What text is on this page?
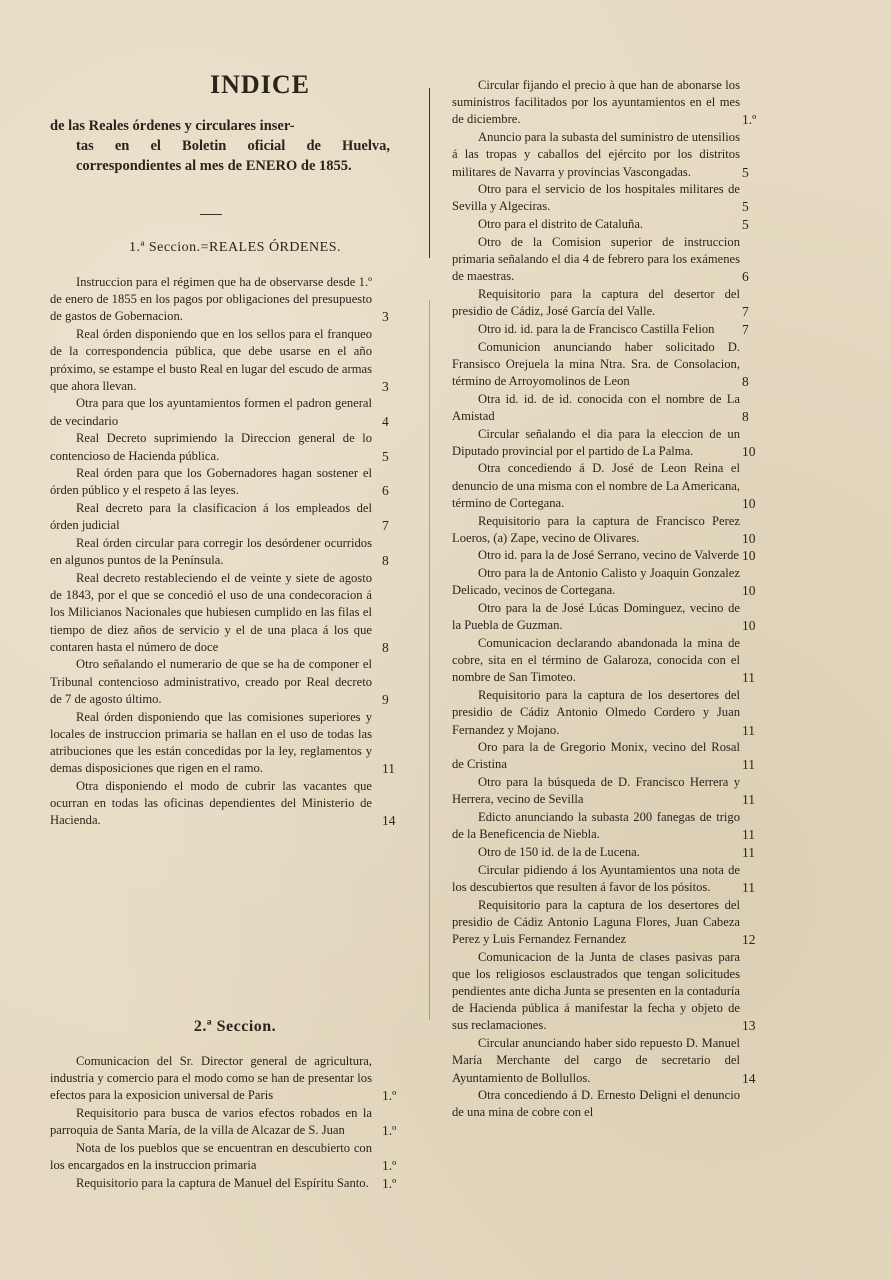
INDICE

de las Reales órdenes y circulares inser-
tas en el Boletin oficial de Huelva, correspondientes al mes de ENERO de 1855.

1.ª Seccion.=REALES ÓRDENES.

Instruccion para el régimen que ha de observarse desde 1.º de enero de 1855 en los pagos por obligaciones del presupuesto de gastos de Gobernacion.	3

Real órden disponiendo que en los sellos para el franqueo de la correspondencia pública, que debe usarse en el año próximo, se estampe el busto Real en lugar del escudo de armas que ahora llevan.	3

Otra para que los ayuntamientos formen el padron general de vecindario	4

Real Decreto suprimiendo la Direccion general de lo contencioso de Hacienda pública.	5

Real órden para que los Gobernadores hagan sostener el órden público y el respeto á las leyes.	6

Real decreto para la clasificacion á los empleados del órden judicial	7

Real órden circular para corregir los desórdener ocurridos en algunos puntos de la Península.	8

Real decreto restableciendo el de veinte y siete de agosto de 1843, por el que se concedió el uso de una condecoracion á los Milicianos Nacionales que hubiesen cumplido en las filas el tiempo de diez años de servicio y el de una placa á los que contaren hasta el número de doce	8

Otro señalando el numerario de que se ha de componer el Tribunal contencioso administrativo, creado por Real decreto de 7 de agosto último.	9

Real órden disponiendo que las comisiones superiores y locales de instruccion primaria se hallan en el uso de todas las atribuciones que les están concedidas por la ley, reglamentos y demas disposiciones que rigen en el ramo.	11

Otra disponiendo el modo de cubrir las vacantes que ocurran en todas las oficinas dependientes del Ministerio de Hacienda.	14

2.ª Seccion.

Comunicacion del Sr. Director general de agricultura, industria y comercio para el modo como se han de presentar los efectos para la exposicion universal de Paris	1.º

Requisitorio para busca de varios efectos robados en la parroquia de Santa María, de la villa de Alcazar de S. Juan	1.º

Nota de los pueblos que se encuentran en descubierto con los encargados en la instruccion primaria	1.º

Requisitorio para la captura de Manuel del Espíritu Santo. 1.º

Circular fijando el precio à que han de abonarse los suministros facilitados por los ayuntamientos en el mes de diciembre.	1.º

Anuncio para la subasta del suministro de utensilios á las tropas y caballos del ejército por los distritos militares de Navarra y provincias Vascongadas.	5

Otro para el servicio de los hospitales militares de Sevilla y Algeciras.	5

Otro para el distrito de Cataluña.	5

Otro de la Comision superior de instruccion primaria señalando el dia 4 de febrero para los exámenes de maestras.	6

Requisitorio para la captura del desertor del presidio de Cádiz, José García del Valle.	7

Otro id. id. para la de Francisco Castilla Felion 7

Comunicion anunciando haber solicitado D. Fransisco Orejuela la mina Ntra. Sra. de Consolacion, término de Arroyomolinos de Leon	8

Otra id. id. de id. conocida con el nombre de La Amistad	8

Circular señalando el dia para la eleccion de un Diputado provincial por el partido de La Palma.	10

Otra concediendo á D. José de Leon Reina el denuncio de una misma con el nombre de La Americana, término de Cortegana.	10

Requisitorio para la captura de Francisco Perez Loeros, (a) Zape, vecino de Olivares.	10

Otro id. para la de José Serrano, vecino de Valverde 10

Otro para la de Antonio Calisto y Joaquin Gonzalez Delicado, vecinos de Cortegana.	10

Otro para la de José Lúcas Dominguez, vecino de la Puebla de Guzman.	10

Comunicacion declarando abandonada la mina de cobre, sita en el término de Galaroza, conocida con el nombre de San Timoteo.	11

Requisitorio para la captura de los desertores del presidio de Cádiz Antonio Olmedo Cordero y Juan Fernandez y Mojano.	11

Oro para la de Gregorio Monix, vecino del Rosal de Cristina	11

Otro para la búsqueda de D. Francisco Herrera y Herrera, vecino de Sevilla	11

Edicto anunciando la subasta 200 fanegas de trigo de la Beneficencia de Niebla.	11

Otro de 150 id. de la de Lucena.	11

Circular pidiendo á los Ayuntamientos una nota de los descubiertos que resulten á favor de los pósitos. 11

Requisitorio para la captura de los desertores del presidio de Cádiz Antonio Laguna Flores, Juan Cabeza Perez y Luis Fernandez Fernandez	12

Comunicacion de la Junta de clases pasivas para que los religiosos esclaustrados que tengan solicitudes pendientes ante dicha Junta se presenten en la contaduría de Hacienda pública á manifestar la fecha y objeto de sus reclamaciones.	13

Circular anunciando haber sido repuesto D. Manuel María Merchante del cargo de secretario del Ayuntamiento de Bollullos.	14

Otra concediendo á D. Ernesto Deligni el denuncio de una mina de cobre con el
